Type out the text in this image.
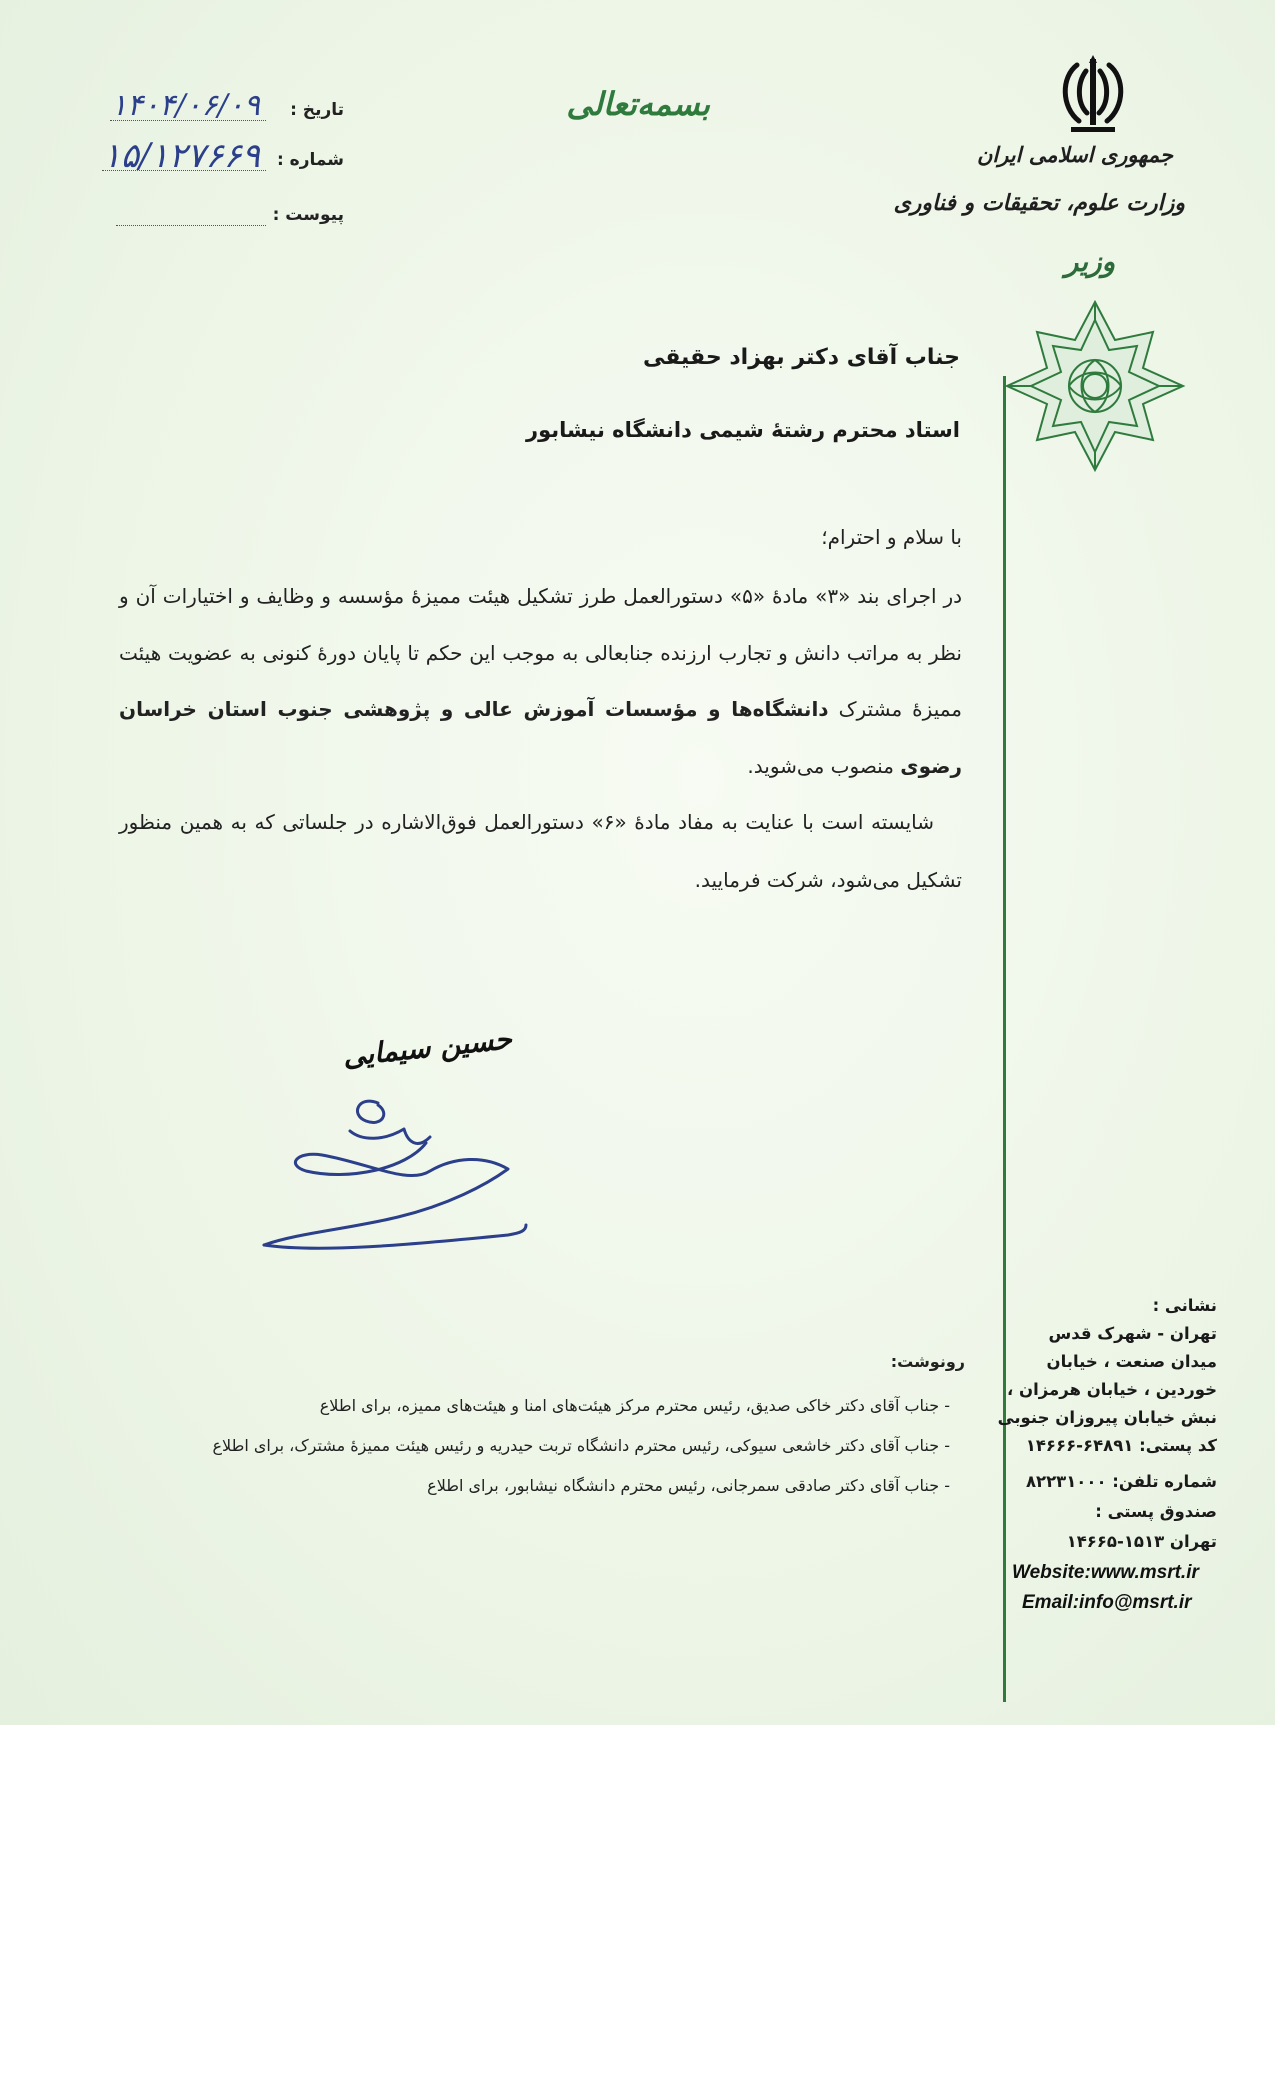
جمهوری اسلامی ایران
وزارت علوم، تحقیقات و فناوری
وزیر
تاریخ :
۱۴۰۴/۰۶/۰۹
شماره :
۱۵/۱۲۷۶۶۹
پیوست :
بسمه‌تعالی
جناب آقای دکتر بهزاد حقیقی
استاد محترم رشتهٔ شیمی دانشگاه نیشابور
با سلام و احترام؛
در اجرای بند «۳» مادهٔ «۵» دستورالعمل طرز تشکیل هیئت ممیزهٔ مؤسسه و وظایف و اختیارات آن و نظر به مراتب دانش و تجارب ارزنده جنابعالی به موجب این حکم تا پایان دورهٔ کنونی به عضویت هیئت ممیزهٔ مشترک دانشگاه‌ها و مؤسسات آموزش عالی و پژوهشی جنوب استان خراسان رضوی منصوب می‌شوید.
شایسته است با عنایت به مفاد مادهٔ «۶» دستورالعمل فوق‌الاشاره در جلساتی که به همین منظور تشکیل می‌شود، شرکت فرمایید.
حسین سیمایی
رونوشت:
- جناب آقای دکتر خاکی صدیق، رئیس محترم مرکز هیئت‌های امنا و هیئت‌های ممیزه، برای اطلاع
- جناب آقای دکتر خاشعی سیوکی، رئیس محترم دانشگاه تربت حیدریه و رئیس هیئت ممیزهٔ مشترک، برای اطلاع
- جناب آقای دکتر صادقی سمرجانی، رئیس محترم دانشگاه نیشابور، برای اطلاع
نشانی :
تهران - شهرک قدس
میدان صنعت ، خیابان
خوردین ، خیابان هرمزان ،
نبش خیابان پیروزان جنوبی
کد پستی: ۶۴۸۹۱-۱۴۶۶۶
شماره تلفن: ۸۲۲۳۱۰۰۰
صندوق پستی :
تهران ۱۵۱۳-۱۴۶۶۵
Website:www.msrt.ir
Email:info@msrt.ir
